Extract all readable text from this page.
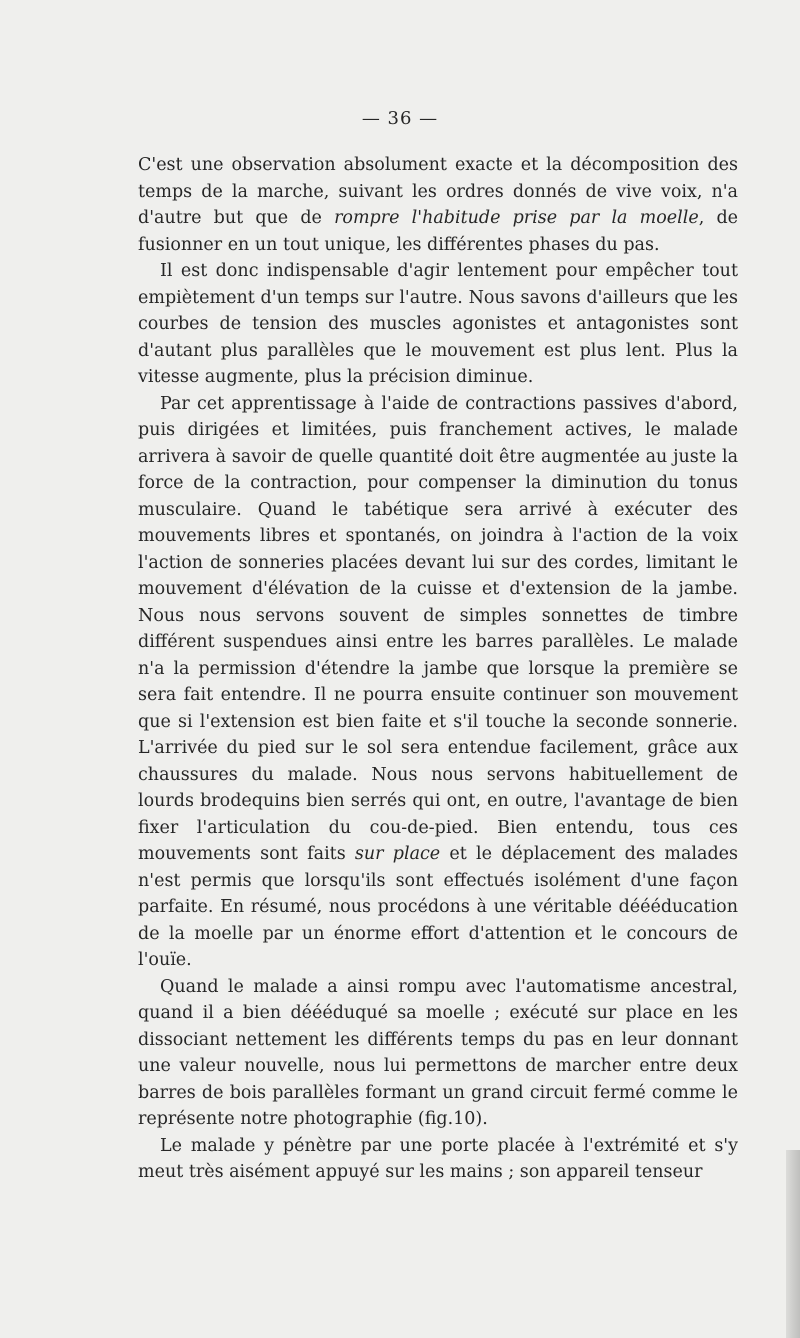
— 36 —

C'est une observation absolument exacte et la décomposition des temps de la marche, suivant les ordres donnés de vive voix, n'a d'autre but que de rompre l'habitude prise par la moelle, de fusionner en un tout unique, les différentes phases du pas.

Il est donc indispensable d'agir lentement pour empêcher tout empiètement d'un temps sur l'autre. Nous savons d'ailleurs que les courbes de tension des muscles agonistes et antagonistes sont d'autant plus parallèles que le mouvement est plus lent. Plus la vitesse augmente, plus la précision diminue.

Par cet apprentissage à l'aide de contractions passives d'abord, puis dirigées et limitées, puis franchement actives, le malade arrivera à savoir de quelle quantité doit être augmentée au juste la force de la contraction, pour compenser la diminution du tonus musculaire. Quand le tabétique sera arrivé à exécuter des mouvements libres et spontanés, on joindra à l'action de la voix l'action de sonneries placées devant lui sur des cordes, limitant le mouvement d'élévation de la cuisse et d'extension de la jambe. Nous nous servons souvent de simples sonnettes de timbre différent suspendues ainsi entre les barres parallèles. Le malade n'a la permission d'étendre la jambe que lorsque la première se sera fait entendre. Il ne pourra ensuite continuer son mouvement que si l'extension est bien faite et s'il touche la seconde sonnerie. L'arrivée du pied sur le sol sera entendue facilement, grâce aux chaussures du malade. Nous nous servons habituellement de lourds brodequins bien serrés qui ont, en outre, l'avantage de bien fixer l'articulation du cou-de-pied. Bien entendu, tous ces mouvements sont faits sur place et le déplacement des malades n'est permis que lorsqu'ils sont effectués isolément d'une façon parfaite. En résumé, nous procédons à une véritable déééducation de la moelle par un énorme effort d'attention et le concours de l'ouïe.

Quand le malade a ainsi rompu avec l'automatisme ancestral, quand il a bien déééduqué sa moelle ; exécuté sur place en les dissociant nettement les différents temps du pas en leur donnant une valeur nouvelle, nous lui permettons de marcher entre deux barres de bois parallèles formant un grand circuit fermé comme le représente notre photographie (fig.10).

Le malade y pénètre par une porte placée à l'extrémité et s'y meut très aisément appuyé sur les mains ; son appareil tenseur
